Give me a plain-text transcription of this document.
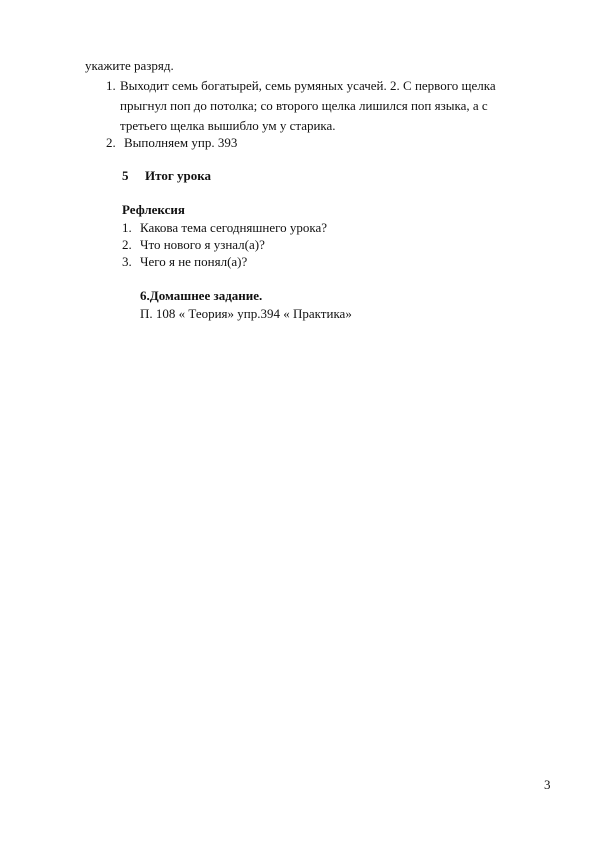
укажите разряд.
1. Выходит семь богатырей, семь румяных усачей. 2. С первого щелка
прыгнул поп до потолка; со второго щелка лишился поп языка, а с
третьего щелка вышибло ум у старика.
2. Выполняем упр. 393
5 Итог урока
Рефлексия
1. Какова тема сегодняшнего урока?
2. Что нового я узнал(а)?
3. Чего я не понял(а)?
6.Домашнее задание.
П. 108 « Теория» упр.394 « Практика»
3
